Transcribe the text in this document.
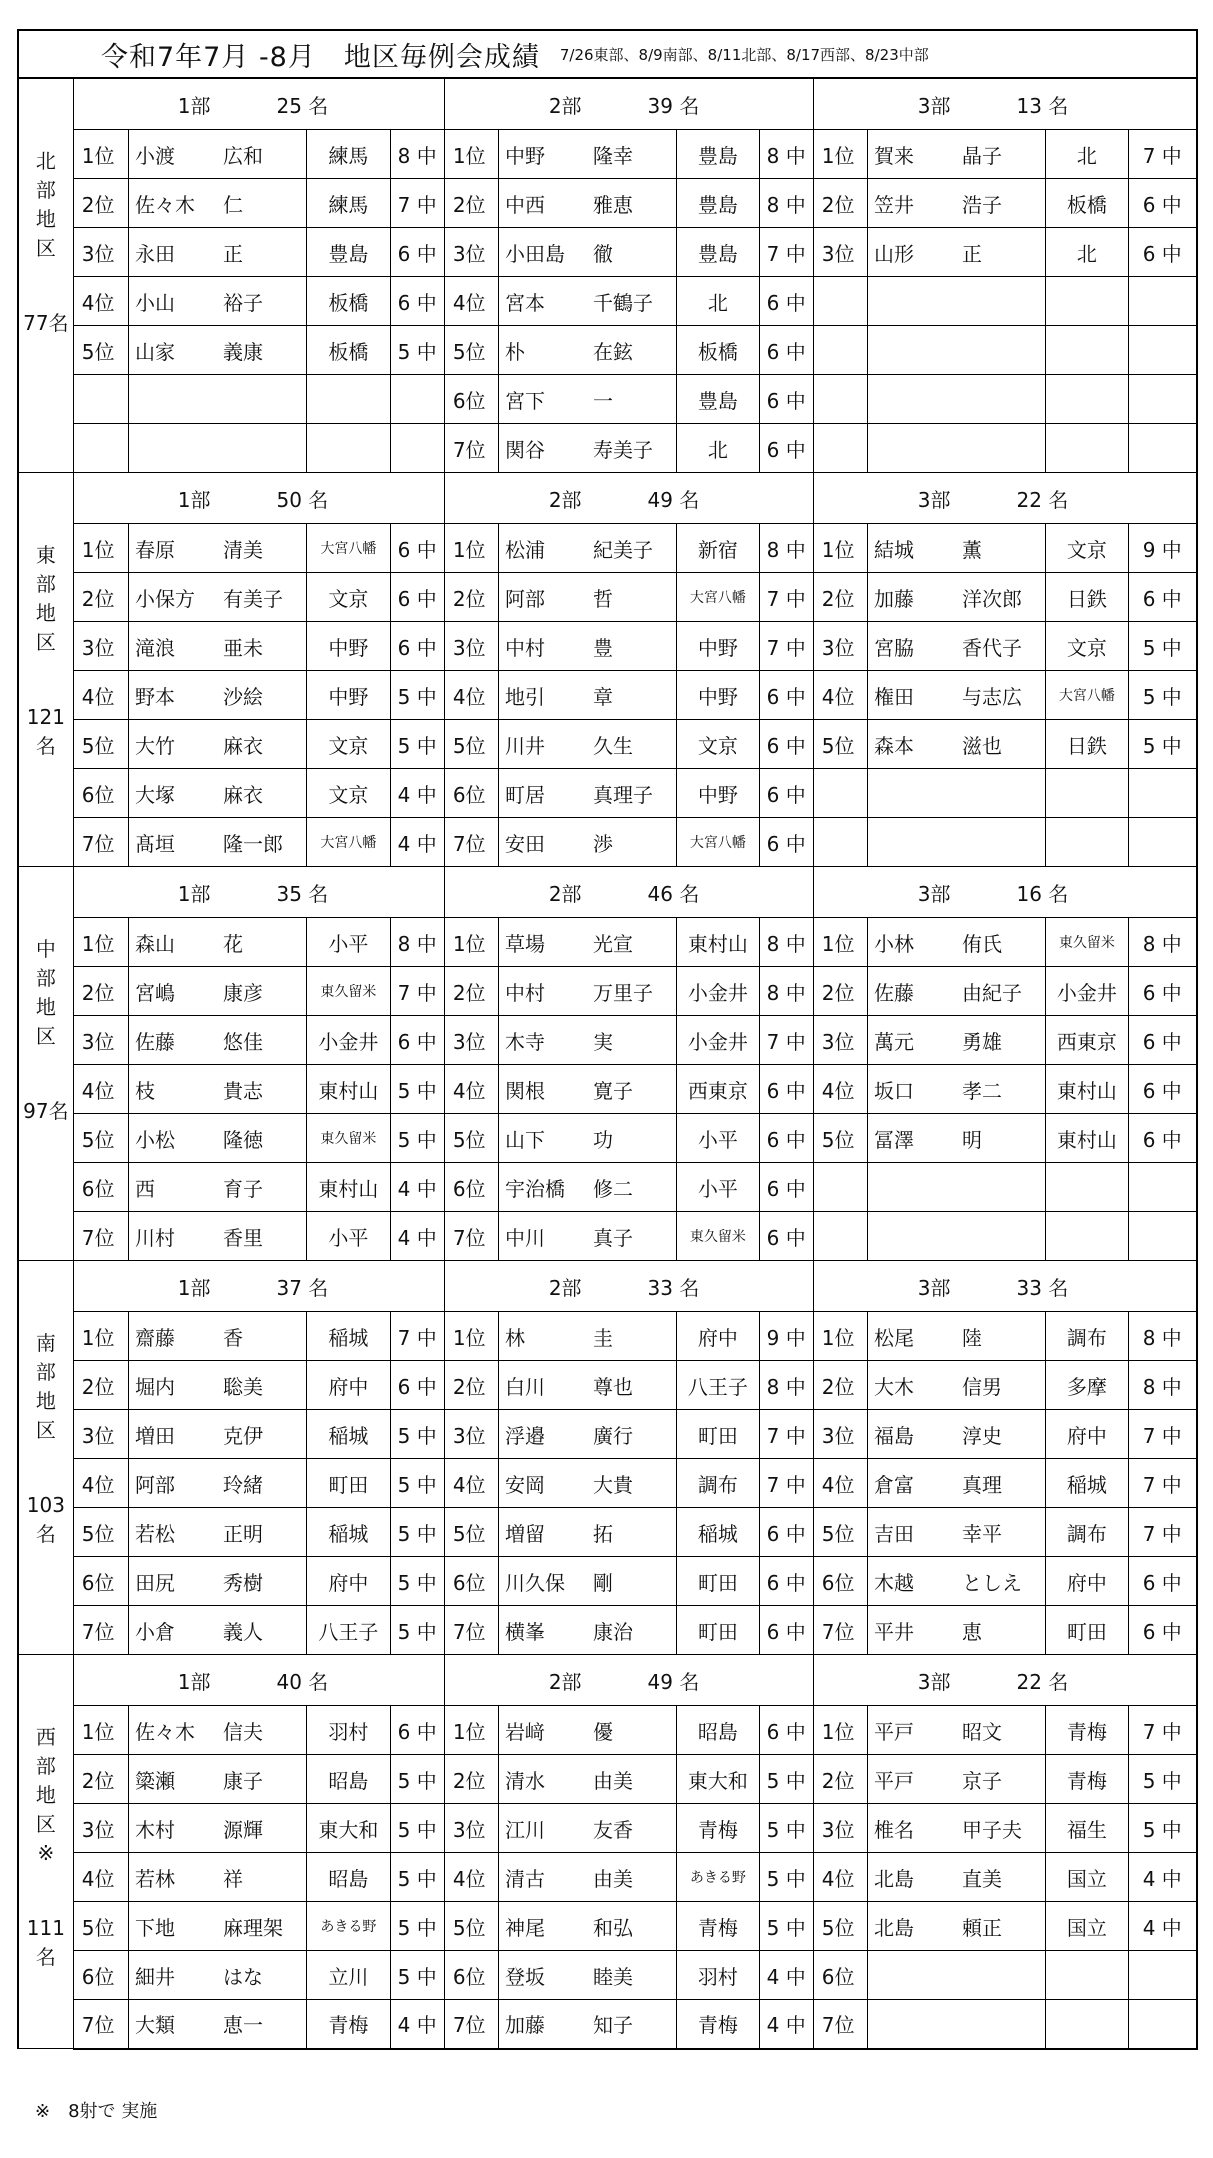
令和7年7月 -8月　地区毎例会成績 7/26東部、8/9南部、8/11北部、8/17西部、8/23中部
北部地区
77名	1部 25 名				2部 39 名				3部 13 名			
	1位	小渡 広和	練馬	8 中	1位	中野 隆幸	豊島	8 中	1位	賀来 晶子	北	7 中
	2位	佐々木 仁	練馬	7 中	2位	中西 雅恵	豊島	8 中	2位	笠井 浩子	板橋	6 中
	3位	永田 正	豊島	6 中	3位	小田島 徹	豊島	7 中	3位	山形 正	北	6 中
	4位	小山 裕子	板橋	6 中	4位	宮本 千鶴子	北	6 中				
	5位	山家 義康	板橋	5 中	5位	朴 在鉉	板橋	6 中				
					6位	宮下 一	豊島	6 中				
					7位	関谷 寿美子	北	6 中				

東部地区
121名	1部 50 名				2部 49 名				3部 22 名			
	1位	春原 清美	大宮八幡	6 中	1位	松浦 紀美子	新宿	8 中	1位	結城 薫	文京	9 中
	2位	小保方 有美子	文京	6 中	2位	阿部 哲	大宮八幡	7 中	2位	加藤 洋次郎	日鉄	6 中
	3位	滝浪 亜未	中野	6 中	3位	中村 豊	中野	7 中	3位	宮脇 香代子	文京	5 中
	4位	野本 沙絵	中野	5 中	4位	地引 章	中野	6 中	4位	権田 与志広	大宮八幡	5 中
	5位	大竹 麻衣	文京	5 中	5位	川井 久生	文京	6 中	5位	森本 滋也	日鉄	5 中
	6位	大塚 麻衣	文京	4 中	6位	町居 真理子	中野	6 中				
	7位	髙垣 隆一郎	大宮八幡	4 中	7位	安田 渉	大宮八幡	6 中				

中部地区
97名	1部 35 名				2部 46 名				3部 16 名			
	1位	森山 花	小平	8 中	1位	草場 光宣	東村山	8 中	1位	小林 侑氏	東久留米	8 中
	2位	宮嶋 康彦	東久留米	7 中	2位	中村 万里子	小金井	8 中	2位	佐藤 由紀子	小金井	6 中
	3位	佐藤 悠佳	小金井	6 中	3位	木寺 実	小金井	7 中	3位	萬元 勇雄	西東京	6 中
	4位	枝 貴志	東村山	5 中	4位	関根 寛子	西東京	6 中	4位	坂口 孝二	東村山	6 中
	5位	小松 隆徳	東久留米	5 中	5位	山下 功	小平	6 中	5位	冨澤 明	東村山	6 中
	6位	西 育子	東村山	4 中	6位	宇治橋 修二	小平	6 中				
	7位	川村 香里	小平	4 中	7位	中川 真子	東久留米	6 中				

南部地区
103名	1部 37 名				2部 33 名				3部 33 名			
	1位	齋藤 香	稲城	7 中	1位	林 圭	府中	9 中	1位	松尾 陸	調布	8 中
	2位	堀内 聡美	府中	6 中	2位	白川 尊也	八王子	8 中	2位	大木 信男	多摩	8 中
	3位	増田 克伊	稲城	5 中	3位	浮邉 廣行	町田	7 中	3位	福島 淳史	府中	7 中
	4位	阿部 玲緒	町田	5 中	4位	安岡 大貴	調布	7 中	4位	倉富 真理	稲城	7 中
	5位	若松 正明	稲城	5 中	5位	増留 拓	稲城	6 中	5位	吉田 幸平	調布	7 中
	6位	田尻 秀樹	府中	5 中	6位	川久保 剛	町田	6 中	6位	木越 としえ	府中	6 中
	7位	小倉 義人	八王子	5 中	7位	横峯 康治	町田	6 中	7位	平井 恵	町田	6 中

西部地区※
111名	1部 40 名				2部 49 名				3部 22 名			
	1位	佐々木 信夫	羽村	6 中	1位	岩﨑 優	昭島	6 中	1位	平戸 昭文	青梅	7 中
	2位	簗瀬 康子	昭島	5 中	2位	清水 由美	東大和	5 中	2位	平戸 京子	青梅	5 中
	3位	木村 源輝	東大和	5 中	3位	江川 友香	青梅	5 中	3位	椎名 甲子夫	福生	5 中
	4位	若林 祥	昭島	5 中	4位	清古 由美	あきる野	5 中	4位	北島 直美	国立	4 中
	5位	下地 麻理架	あきる野	5 中	5位	神尾 和弘	青梅	5 中	5位	北島 頼正	国立	4 中
	6位	細井 はな	立川	5 中	6位	登坂 睦美	羽村	4 中	6位			
	7位	大類 恵一	青梅	4 中	7位	加藤 知子	青梅	4 中	7位			
※　8射で 実施
